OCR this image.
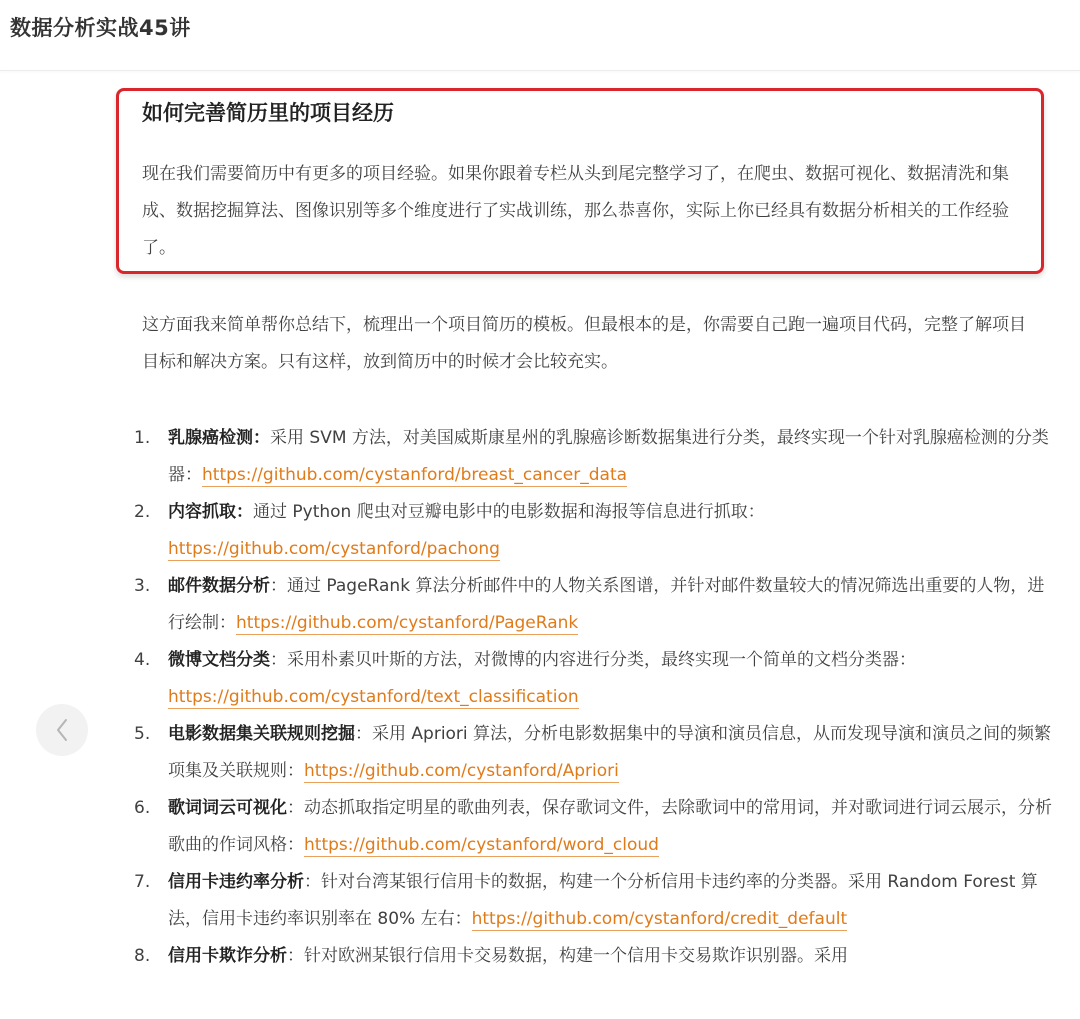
数据分析实战45讲
如何完善简历里的项目经历
现在我们需要简历中有更多的项目经验。如果你跟着专栏从头到尾完整学习了，在爬虫、数据可视化、数据清洗和集成、数据挖掘算法、图像识别等多个维度进行了实战训练，那么恭喜你，实际上你已经具有数据分析相关的工作经验了。
这方面我来简单帮你总结下，梳理出一个项目简历的模板。但最根本的是，你需要自己跑一遍项目代码，完整了解项目目标和解决方案。只有这样，放到简历中的时候才会比较充实。
1.	乳腺癌检测：采用 SVM 方法，对美国威斯康星州的乳腺癌诊断数据集进行分类，最终实现一个针对乳腺癌检测的分类器：https://github.com/cystanford/breast_cancer_data
2.	内容抓取：通过 Python 爬虫对豆瓣电影中的电影数据和海报等信息进行抓取：https://github.com/cystanford/pachong
3.	邮件数据分析：通过 PageRank 算法分析邮件中的人物关系图谱，并针对邮件数量较大的情况筛选出重要的人物，进行绘制：https://github.com/cystanford/PageRank
4.	微博文档分类：采用朴素贝叶斯的方法，对微博的内容进行分类，最终实现一个简单的文档分类器：https://github.com/cystanford/text_classification
5.	电影数据集关联规则挖掘：采用 Apriori 算法，分析电影数据集中的导演和演员信息，从而发现导演和演员之间的频繁项集及关联规则：https://github.com/cystanford/Apriori
6.	歌词词云可视化：动态抓取指定明星的歌曲列表，保存歌词文件，去除歌词中的常用词，并对歌词进行词云展示，分析歌曲的作词风格：https://github.com/cystanford/word_cloud
7.	信用卡违约率分析：针对台湾某银行信用卡的数据，构建一个分析信用卡违约率的分类器。采用 Random Forest 算法，信用卡违约率识别率在 80% 左右：https://github.com/cystanford/credit_default
8.	信用卡欺诈分析：针对欧洲某银行信用卡交易数据，构建一个信用卡交易欺诈识别器。采用
